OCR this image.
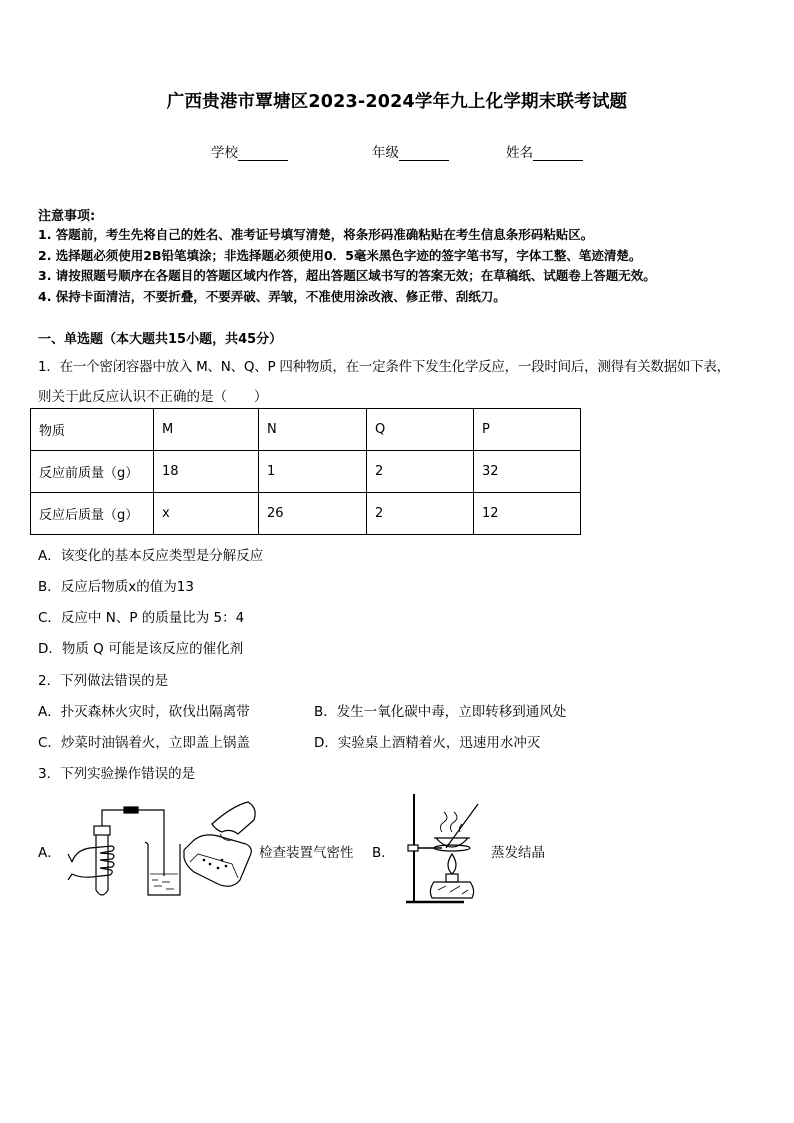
广西贵港市覃塘区2023-2024学年九上化学期末联考试题
学校	年级	姓名
注意事项:
1. 答题前，考生先将自己的姓名、准考证号填写清楚，将条形码准确粘贴在考生信息条形码粘贴区。
2. 选择题必须使用2B铅笔填涂；非选择题必须使用0．5毫米黑色字迹的签字笔书写，字体工整、笔迹清楚。
3. 请按照题号顺序在各题目的答题区域内作答，超出答题区域书写的答案无效；在草稿纸、试题卷上答题无效。
4. 保持卡面清洁，不要折叠，不要弄破、弄皱，不准使用涂改液、修正带、刮纸刀。
一、单选题（本大题共15小题，共45分）
1．在一个密闭容器中放入 M、N、Q、P 四种物质，在一定条件下发生化学反应，一段时间后，测得有关数据如下表，
则关于此反应认识不正确的是（　　）
物质	M	N	Q	P
反应前质量（g）	18	1	2	32
反应后质量（g）	x	26	2	12
A．该变化的基本反应类型是分解反应
B．反应后物质x的值为13
C．反应中 N、P 的质量比为 5：4
D．物质 Q 可能是该反应的催化剂
2．下列做法错误的是
A．扑灭森林火灾时，砍伐出隔离带	B．发生一氧化碳中毒，立即转移到通风处
C．炒菜时油锅着火，立即盖上锅盖	D．实验桌上酒精着火，迅速用水冲灭
3．下列实验操作错误的是
A．	检查装置气密性 B．	蒸发结晶
